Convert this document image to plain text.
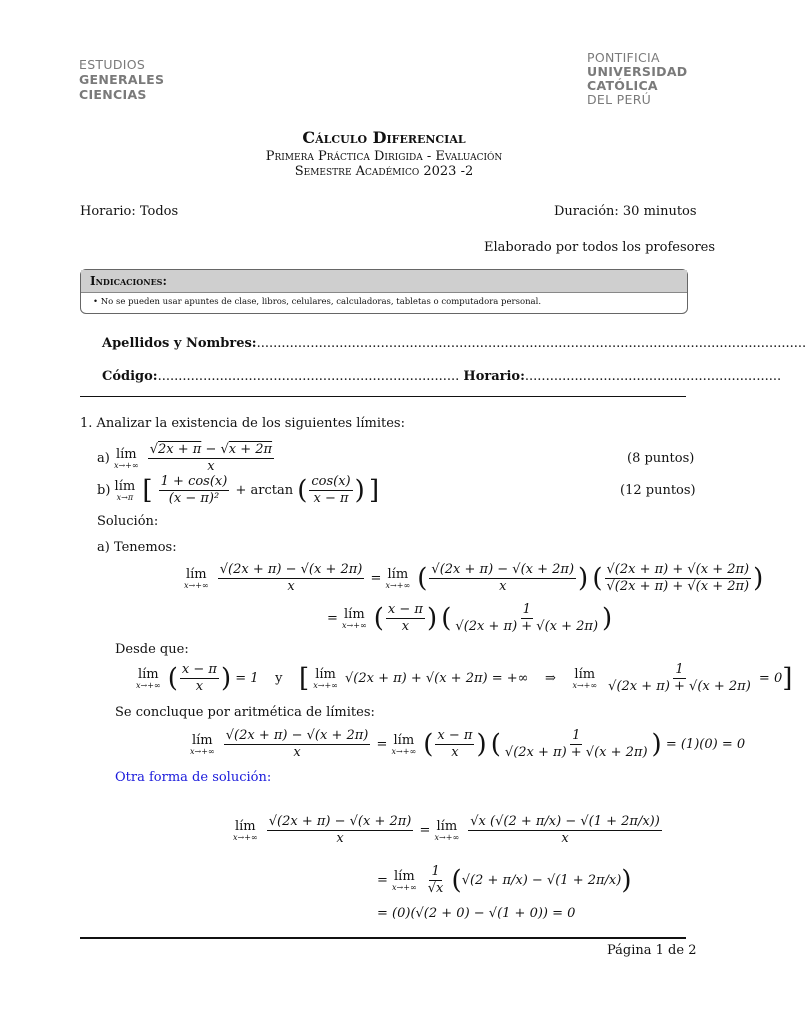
ESTUDIOS
GENERALES
CIENCIAS
PONTIFICIA
UNIVERSIDAD
CATÓLICA
DEL PERÚ
Cálculo Diferencial
Primera Práctica Dirigida - Evaluación
Semestre Académico 2023 -2
Horario: Todos	Duración: 30 minutos
Elaborado por todos los profesores
Indicaciones:
• No se pueden usar apuntes de clase, libros, celulares, calculadoras, tabletas o computadora personal.
Apellidos y Nombres:.....................................................................................................................................
Código:......................................................................... Horario:..............................................................
1. Analizar la existencia de los siguientes límites:
a) lím
x→+∞
$\frac{√2x + \pi - √x + 2\pi}{x}$	(8 puntos)
b) lím
x→π [ $\frac{1 + \cos(x)}{\text{(x − π)²}} + \arctan$ ( $\frac{\cos(x)}{x - \pi}$ ) ]	(12 puntos)
Solución:
a) Tenemos:
lím
x→+∞
$\frac{√(2x + \pi) - √(x + 2\pi)}{x}$ = lím
x→+∞ ( $\frac{√(2x + \pi) - √(x + 2\pi)}{x}$ ) ( $\frac{√(2x + \pi) + √(x + 2\pi)}{√(2x + \pi) + √(x + 2\pi)}$ )
= lím
x→+∞ ( $\frac{x - \pi}{x}$ ) ( $\frac{1}{√(2x + \pi) + √(x + 2\pi)}$ )
Desde que:
lím
x→+∞ ( $\frac{x - \pi}{x}$ ) = 1    y [ lím
x→+∞ √(2x + π) + √(x + 2π) = +∞    ⇒ lím
x→+∞
$\frac{1}{√(2x + \pi) + √(x + 2\pi)} = 0$]
Se concluque por aritmética de límites:
lím
x→+∞
$\frac{√(2x + \pi) - √(x + 2\pi)}{x}$ = lím
x→+∞ ( $\frac{x - \pi}{x}$ ) ( $\frac{1}{√(2x + \pi) + √(x + 2\pi)}$ ) = (1)(0) = 0
Otra forma de solución:
lím
x→+∞
$\frac{√(2x + \pi) - √(x + 2\pi)}{x}$ = lím
x→+∞
$\frac{√x (√(2 + \pi/x) - √(1 + 2\pi/x))}{x}$
= lím
x→+∞
$\frac{1}{√x} (√(2 + \pi/x) - √(1 + 2\pi/x))$
= (0)(√(2 + 0) − √(1 + 0)) = 0
Página 1 de 2
